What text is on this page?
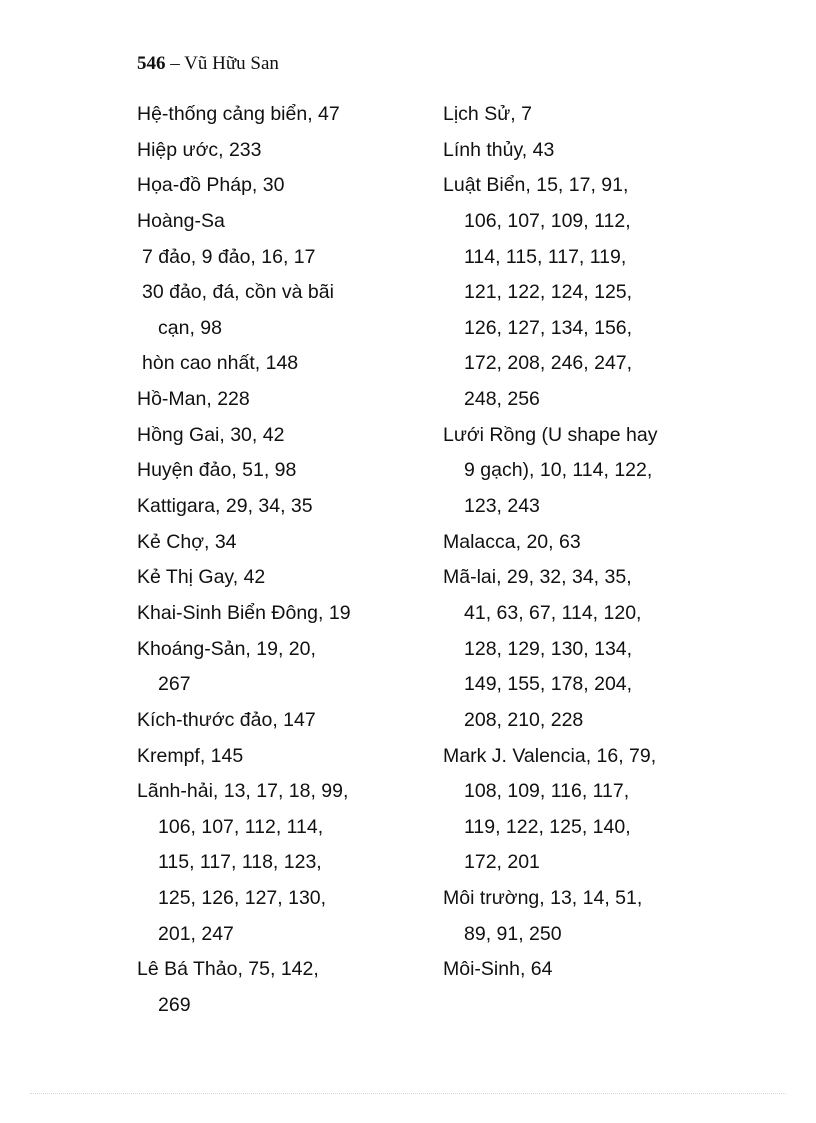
546 – Vũ Hữu San
Hệ-thống cảng biển, 47
Hiệp ước, 233
Họa-đồ Pháp, 30
Hoàng-Sa
7 đảo, 9 đảo, 16, 17
30 đảo, đá, cồn và bãi
cạn, 98
hòn cao nhất, 148
Hồ-Man, 228
Hồng Gai, 30, 42
Huyện đảo, 51, 98
Kattigara, 29, 34, 35
Kẻ Chợ, 34
Kẻ Thị Gay, 42
Khai-Sinh Biển Đông, 19
Khoáng-Sản, 19, 20,
267
Kích-thước đảo, 147
Krempf, 145
Lãnh-hải, 13, 17, 18, 99,
106, 107, 112, 114,
115, 117, 118, 123,
125, 126, 127, 130,
201, 247
Lê Bá Thảo, 75, 142,
269
Lịch Sử, 7
Lính thủy, 43
Luật Biển, 15, 17, 91,
106, 107, 109, 112,
114, 115, 117, 119,
121, 122, 124, 125,
126, 127, 134, 156,
172, 208, 246, 247,
248, 256
Lưới Rồng (U shape hay
9 gạch), 10, 114, 122,
123, 243
Malacca, 20, 63
Mã-lai, 29, 32, 34, 35,
41, 63, 67, 114, 120,
128, 129, 130, 134,
149, 155, 178, 204,
208, 210, 228
Mark J. Valencia, 16, 79,
108, 109, 116, 117,
119, 122, 125, 140,
172, 201
Môi trường, 13, 14, 51,
89, 91, 250
Môi-Sinh, 64
